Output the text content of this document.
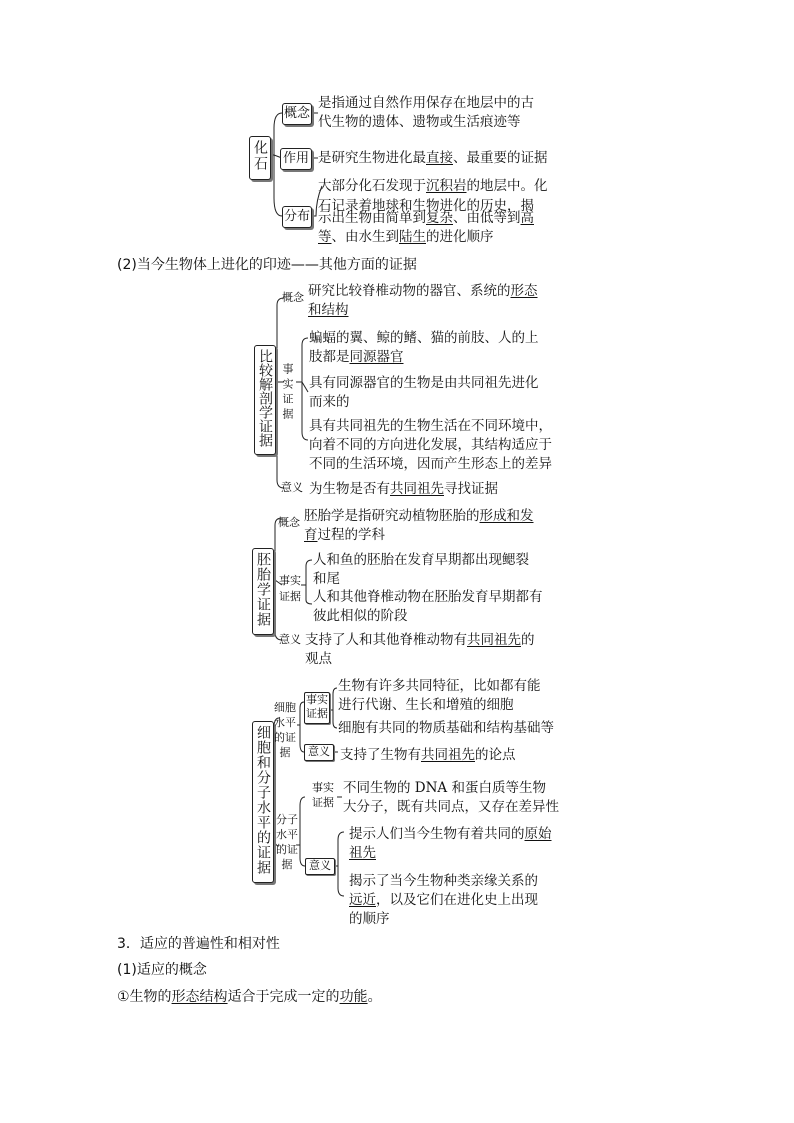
化石
概念
是指通过自然作用保存在地层中的古
代生物的遗体、遗物或生活痕迹等
作用 是研究生物进化最直接、最重要的证据
分布
大部分化石发现于沉积岩的地层中。化
石记录着地球和生物进化的历史，揭
示出生物由简单到复杂、由低等到高
等、由水生到陆生的进化顺序
(2)当今生物体上进化的印迹——其他方面的证据
比较解剖学证据
概念 研究比较脊椎动物的器官、系统的形态
和结构
事实证据
蝙蝠的翼、鲸的鳍、猫的前肢、人的上
肢都是同源器官
具有同源器官的生物是由共同祖先进化
而来的
具有共同祖先的生物生活在不同环境中，
向着不同的方向进化发展，其结构适应于
不同的生活环境，因而产生形态上的差异
意义 为生物是否有共同祖先寻找证据
胚胎学证据
概念 胚胎学是指研究动植物胚胎的形成和发
育过程的学科
事实
证据
人和鱼的胚胎在发育早期都出现鳃裂
和尾
人和其他脊椎动物在胚胎发育早期都有
彼此相似的阶段
意义 支持了人和其他脊椎动物有共同祖先的
观点
细胞和分子水平的证据
细胞水平的证据
事实证据
生物有许多共同特征，比如都有能
进行代谢、生长和增殖的细胞
细胞有共同的物质基础和结构基础等
意义 支持了生物有共同祖先的论点
分子水平的证据
事实证据
不同生物的 DNA 和蛋白质等生物
大分子，既有共同点，又存在差异性
意义
提示人们当今生物有着共同的原始
祖先
揭示了当今生物种类亲缘关系的
远近，以及它们在进化史上出现
的顺序
3．适应的普遍性和相对性
(1)适应的概念
①生物的形态结构适合于完成一定的功能。
